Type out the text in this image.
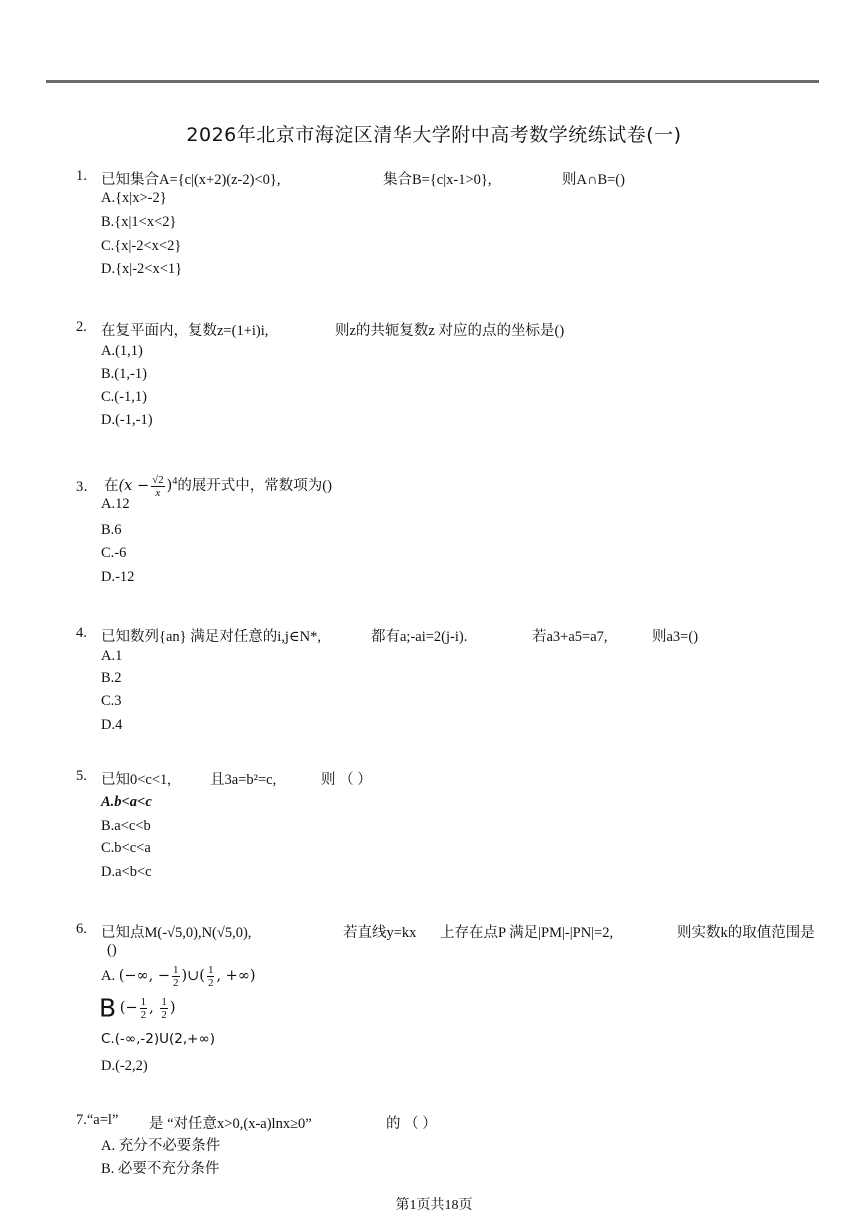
2026年北京市海淀区清华大学附中高考数学统练试卷(一)
1. 已知集合A={c|(x+2)(z-2)<0},	集合B={c|x-1>0},	则A∩B=()
A.{x|x>-2}
B.{x|1<x<2}
C.{x|-2<x<2}
D.{x|-2<x<1}
2. 在复平面内，复数z=(1+i)i,	则z的共轭复数z 对应的点的坐标是()
A.(1,1)
B.(1,-1)
C.(-1,1)
D.(-1,-1)
3． 在$(x - \frac{√2}{x} )^4$的展开式中，常数项为()
A.12
B.6
C.-6
D.-12
4. 已知数列{an} 满足对任意的i,j∈N*,	都有a;-ai=2(j-i).	若a3+a5=a7,	则a3=()
A.1
B.2
C.3
D.4
5. 已知0<c<1,	且3a=b²=c,	则 （ ）
A.b<a<c
B.a<c<b
C.b<c<a
D.a<b<c
6. 已知点M(-√5,0),N(√5,0),	若直线y=kx 上存在点P 满足|PM|-|PN|=2,	则实数k的取值范围是
()
A. (−∞, − $\frac{1}{2}$ )∪( $\frac{1}{2}$ , +∞)
B (− $\frac{1}{2}$ , $\frac{1}{2}$ )
C.(-∞,-2)U(2,+∞)
D.(-2,2)
7.“a=l” 是 “对任意x>0,(x-a)lnx≥0”	的 （ ）
A. 充分不必要条件
B. 必要不充分条件
第1页共18页
